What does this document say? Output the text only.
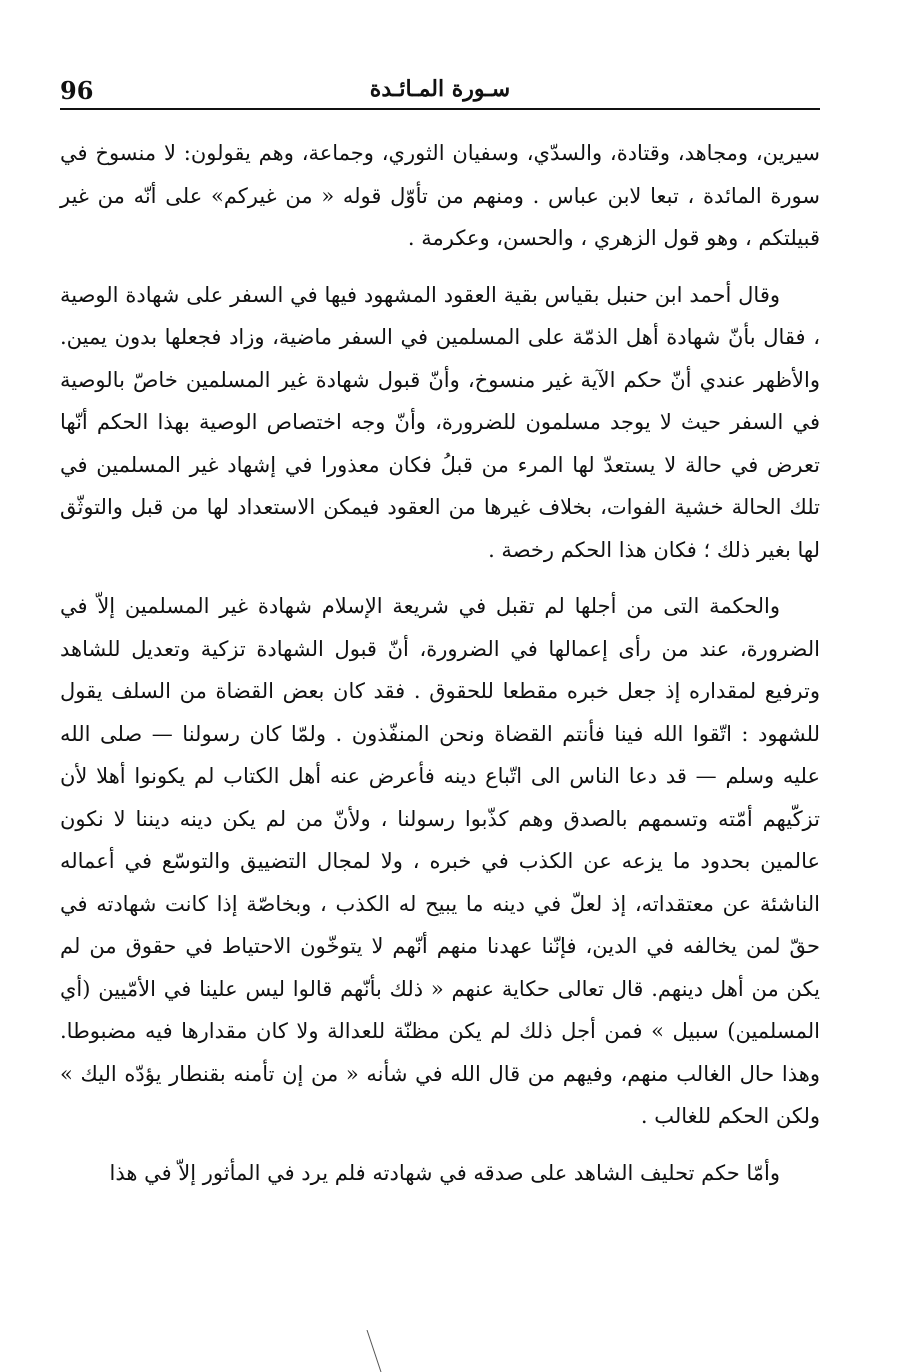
96	سـورة المـائـدة

سيرين، ومجاهد، وقتادة، والسدّي، وسفيان الثوري، وجماعة، وهم يقولون: لا منسوخ في سورة المائدة ، تبعا لابن عباس . ومنهم من تأوّل قوله « من غيركم» على أنّه من غير قبيلتكم ، وهو قول الزهري ، والحسن، وعكرمة .

وقال أحمد ابن حنبل بقياس بقية العقود المشهود فيها في السفر على شهادة الوصية ، فقال بأنّ شهادة أهل الذمّة على المسلمين في السفر ماضية، وزاد فجعلها بدون يمين. والأظهر عندي أنّ حكم الآية غير منسوخ، وأنّ قبول شهادة غير المسلمين خاصّ بالوصية في السفر حيث لا يوجد مسلمون للضرورة، وأنّ وجه اختصاص الوصية بهذا الحكم أنّها تعرض في حالة لا يستعدّ لها المرء من قبلُ فكان معذورا في إشهاد غير المسلمين في تلك الحالة خشية الفوات، بخلاف غيرها من العقود فيمكن الاستعداد لها من قبل والتوثّق لها بغير ذلك ؛ فكان هذا الحكم رخصة .

والحكمة التى من أجلها لم تقبل في شريعة الإسلام شهادة غير المسلمين إلاّ في الضرورة، عند من رأى إعمالها في الضرورة، أنّ قبول الشهادة تزكية وتعديل للشاهد وترفيع لمقداره إذ جعل خبره مقطعا للحقوق . فقد كان بعض القضاة من السلف يقول للشهود : اتّقوا الله فينا فأنتم القضاة ونحن المنفّذون . ولمّا كان رسولنا — صلى الله عليه وسلم — قد دعا الناس الى اتّباع دينه فأعرض عنه أهل الكتاب لم يكونوا أهلا لأن تزكّيهم أمّته وتسمهم بالصدق وهم كذّبوا رسولنا ، ولأنّ من لم يكن دينه ديننا لا نكون عالمين بحدود ما يزعه عن الكذب في خبره ، ولا لمجال التضييق والتوسّع في أعماله الناشئة عن معتقداته، إذ لعلّ في دينه ما يبيح له الكذب ، وبخاصّة إذا كانت شهادته في حقّ لمن يخالفه في الدين، فإنّنا عهدنا منهم أنّهم لا يتوخّون الاحتياط في حقوق من لم يكن من أهل دينهم. قال تعالى حكاية عنهم « ذلك بأنّهم قالوا ليس علينا في الأمّيين (أي المسلمين) سبيل » فمن أجل ذلك لم يكن مظنّة للعدالة ولا كان مقدارها فيه مضبوطا. وهذا حال الغالب منهم، وفيهم من قال الله في شأنه « من إن تأمنه بقنطار يؤدّه اليك » ولكن الحكم للغالب .

وأمّا حكم تحليف الشاهد على صدقه في شهادته فلم يرد في المأثور إلاّ في هذا
